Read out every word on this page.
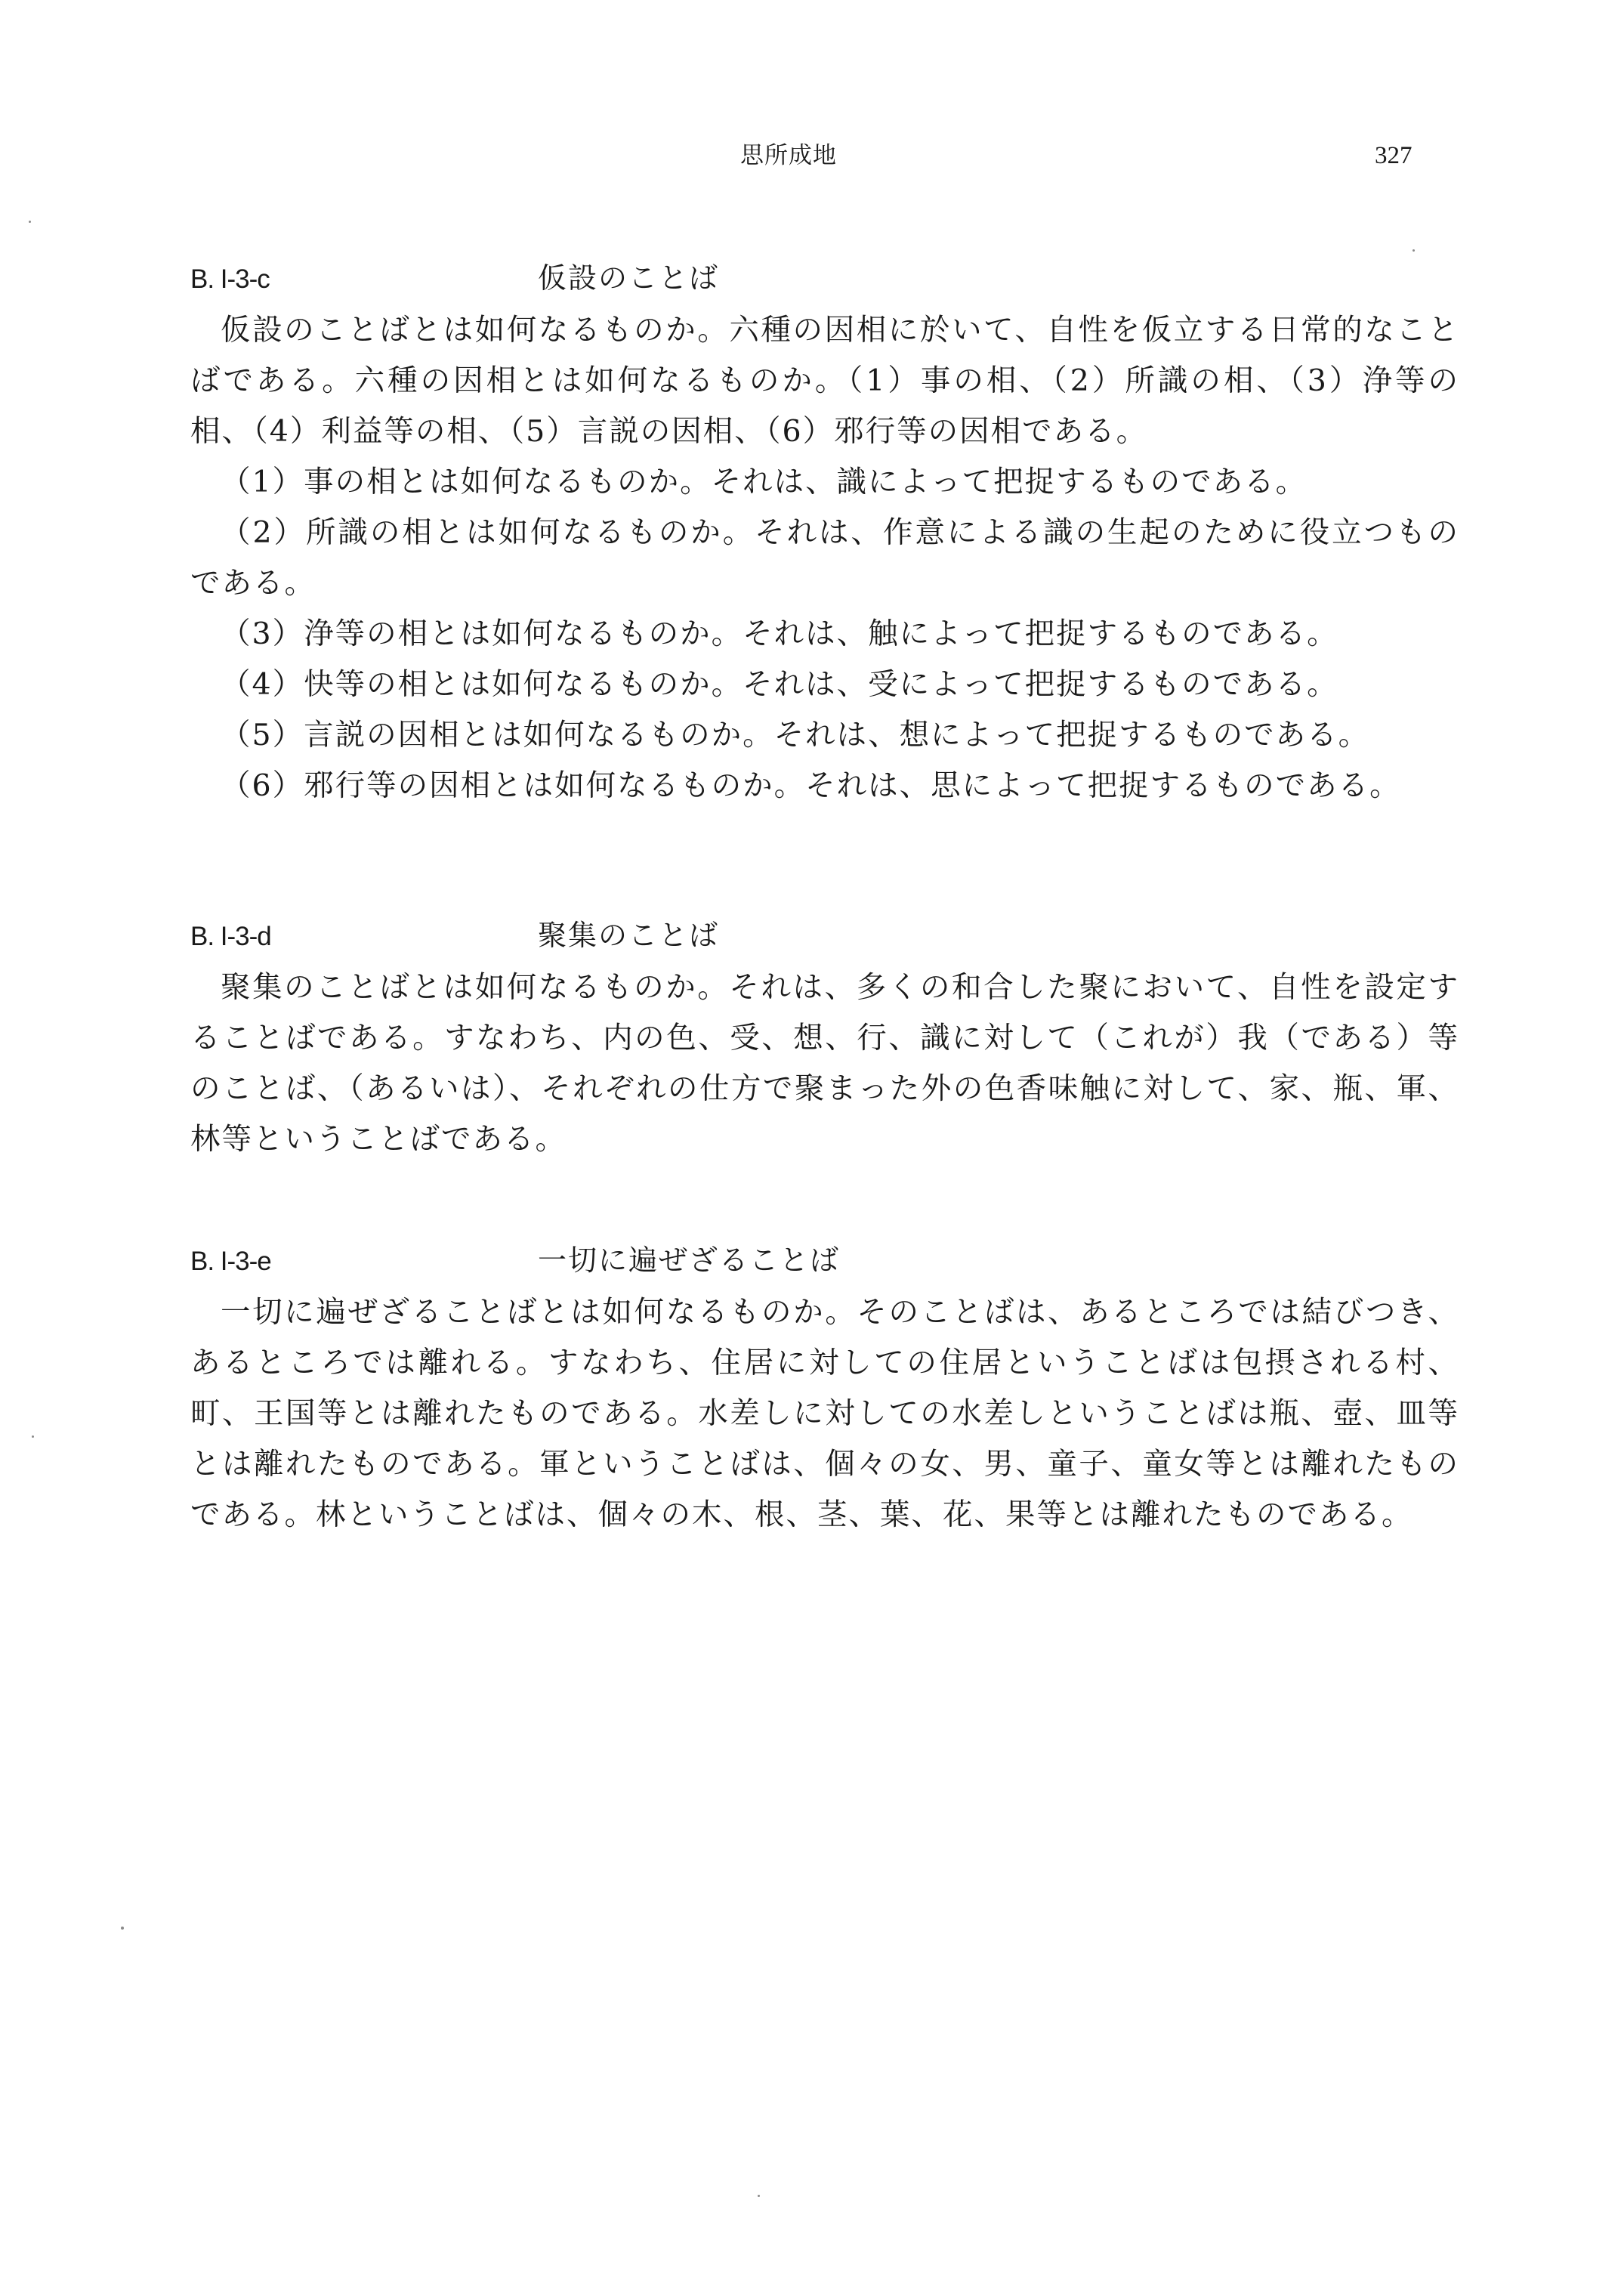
思所成地	327
B. I-3-c	仮設のことば

仮設のことばとは如何なるものか。六種の因相に於いて、自性を仮立する日常的なことばである。六種の因相とは如何なるものか。（1）事の相、（2）所識の相、（3）浄等の相、（4）利益等の相、（5）言説の因相、（6）邪行等の因相である。

（1）事の相とは如何なるものか。それは、識によって把捉するものである。

（2）所識の相とは如何なるものか。それは、作意による識の生起のために役立つものである。

（3）浄等の相とは如何なるものか。それは、触によって把捉するものである。

（4）快等の相とは如何なるものか。それは、受によって把捉するものである。

（5）言説の因相とは如何なるものか。それは、想によって把捉するものである。

（6）邪行等の因相とは如何なるものか。それは、思によって把捉するものである。

B. I-3-d	聚集のことば

聚集のことばとは如何なるものか。それは、多くの和合した聚において、自性を設定することばである。すなわち、内の色、受、想、行、識に対して（これが）我（である）等のことば、（あるいは）、それぞれの仕方で聚まった外の色香味触に対して、家、瓶、軍、林等ということばである。

B. I-3-e	一切に遍ぜざることば

一切に遍ぜざることばとは如何なるものか。そのことばは、あるところでは結びつき、あるところでは離れる。すなわち、住居に対しての住居ということばは包摂される村、町、王国等とは離れたものである。水差しに対しての水差しということばは瓶、壺、皿等とは離れたものである。軍ということばは、個々の女、男、童子、童女等とは離れたものである。林ということばは、個々の木、根、茎、葉、花、果等とは離れたものである。
